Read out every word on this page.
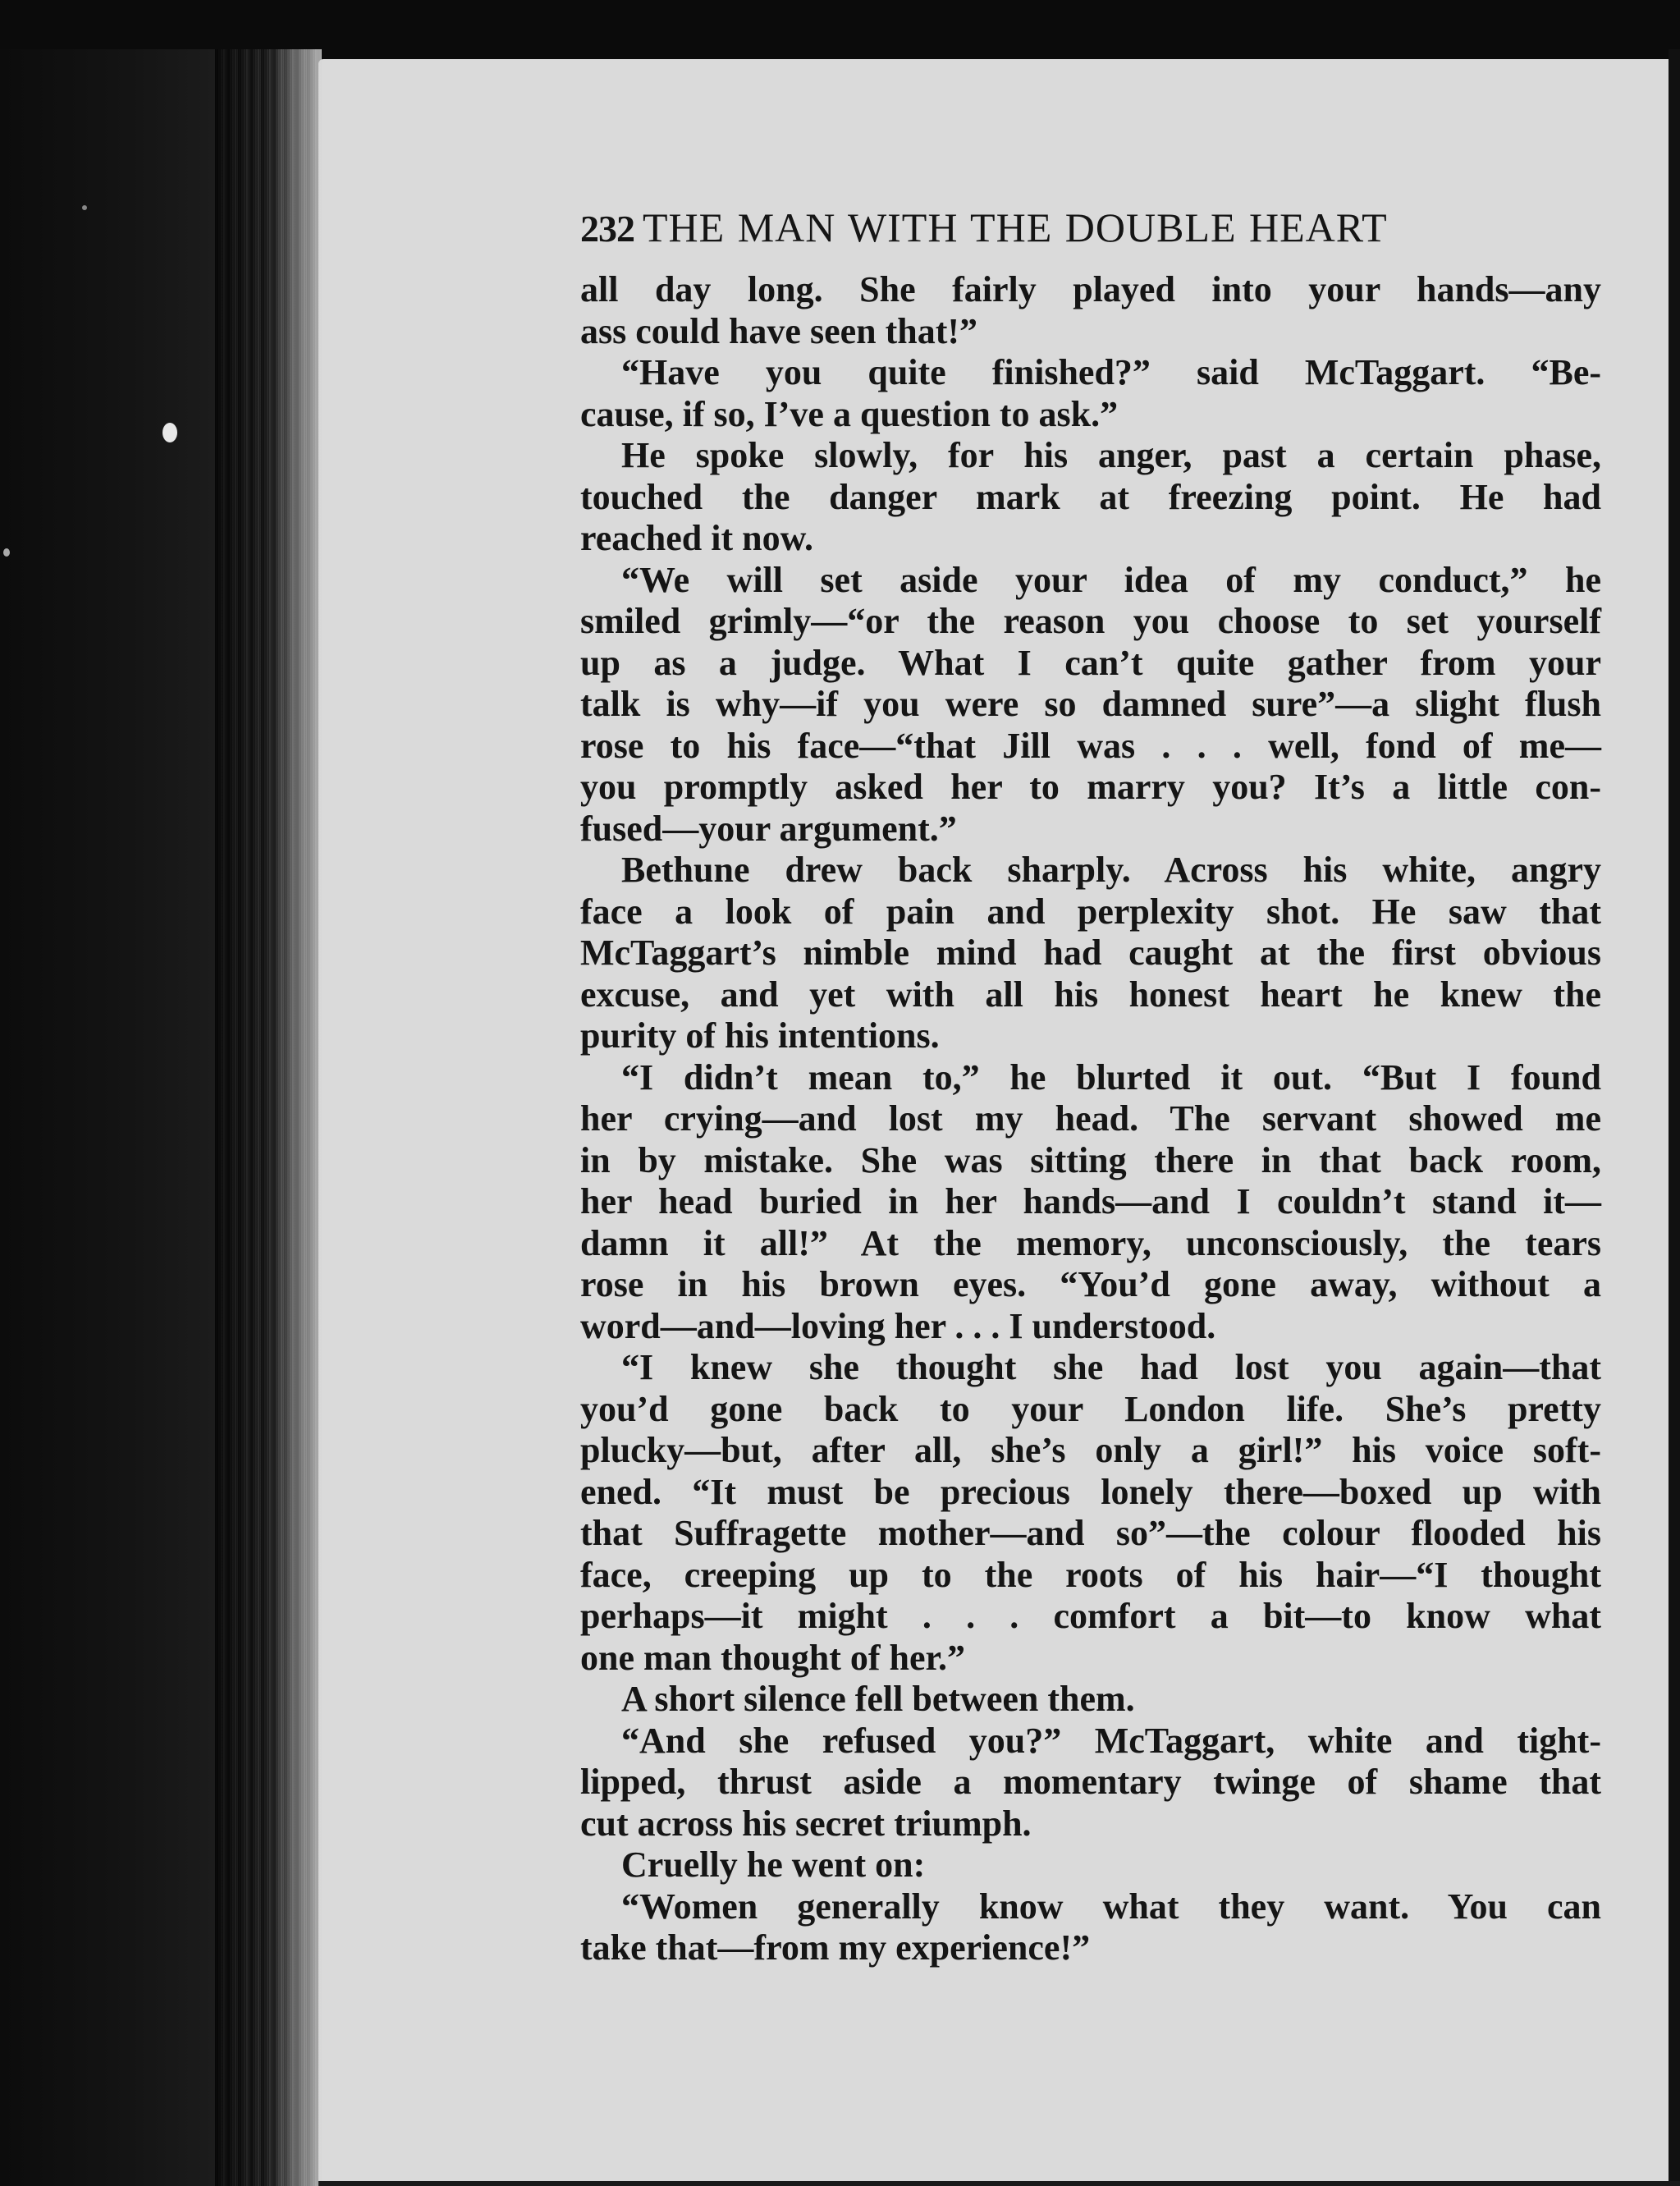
232 THE MAN WITH THE DOUBLE HEART
all day long. She fairly played into your hands—any
ass could have seen that!”
“Have you quite finished?” said McTaggart. “Be-
cause, if so, I’ve a question to ask.”
He spoke slowly, for his anger, past a certain phase,
touched the danger mark at freezing point. He had
reached it now.
“We will set aside your idea of my conduct,” he
smiled grimly—“or the reason you choose to set yourself
up as a judge. What I can’t quite gather from your
talk is why—if you were so damned sure”—a slight flush
rose to his face—“that Jill was . . . well, fond of me—
you promptly asked her to marry you? It’s a little con-
fused—your argument.”
Bethune drew back sharply. Across his white, angry
face a look of pain and perplexity shot. He saw that
McTaggart’s nimble mind had caught at the first obvious
excuse, and yet with all his honest heart he knew the
purity of his intentions.
“I didn’t mean to,” he blurted it out. “But I found
her crying—and lost my head. The servant showed me
in by mistake. She was sitting there in that back room,
her head buried in her hands—and I couldn’t stand it—
damn it all!” At the memory, unconsciously, the tears
rose in his brown eyes. “You’d gone away, without a
word—and—loving her . . . I understood.
“I knew she thought she had lost you again—that
you’d gone back to your London life. She’s pretty
plucky—but, after all, she’s only a girl!” his voice soft-
ened. “It must be precious lonely there—boxed up with
that Suffragette mother—and so”—the colour flooded his
face, creeping up to the roots of his hair—“I thought
perhaps—it might . . . comfort a bit—to know what
one man thought of her.”
A short silence fell between them.
“And she refused you?” McTaggart, white and tight-
lipped, thrust aside a momentary twinge of shame that
cut across his secret triumph.
Cruelly he went on:
“Women generally know what they want. You can
take that—from my experience!”
